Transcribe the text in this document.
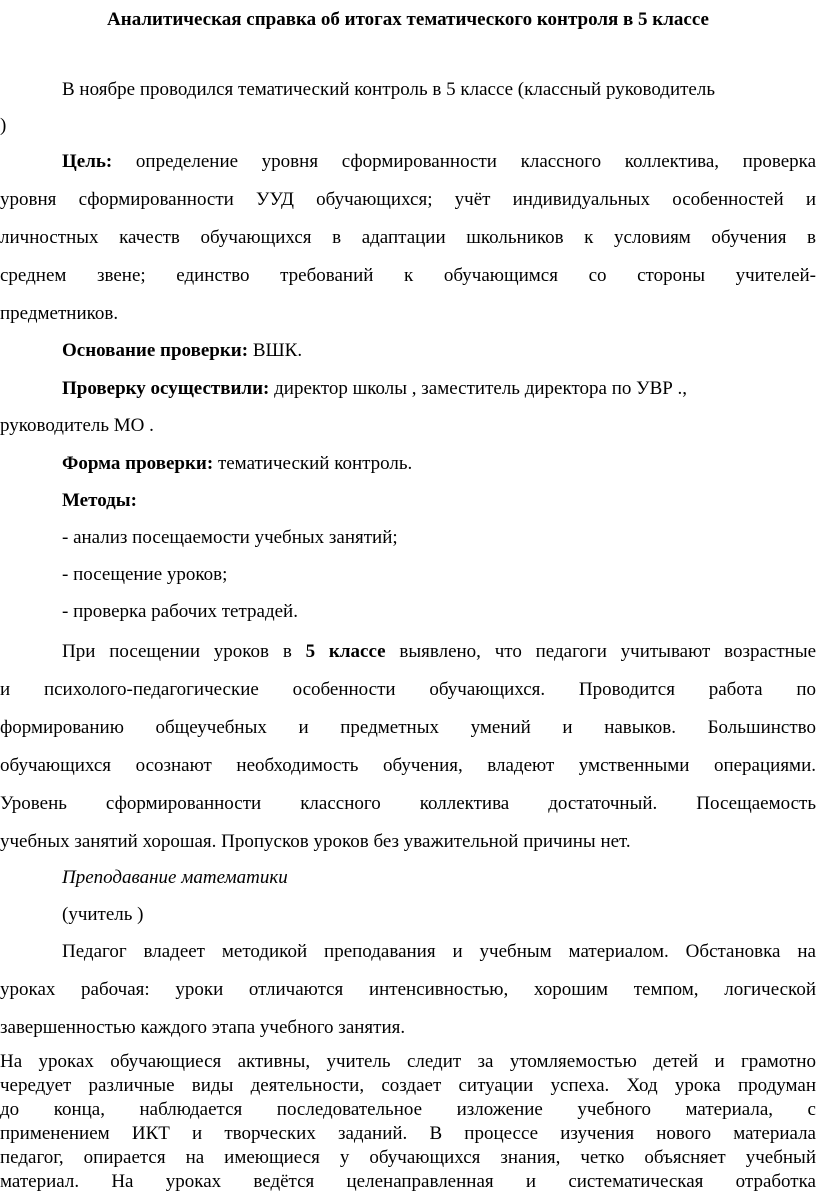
Аналитическая справка об итогах тематического контроля в 5 классе
В ноябре проводился тематический контроль в 5 классе (классный руководитель
)
Цель: определение уровня сформированности классного коллектива, проверка
уровня сформированности УУД обучающихся; учёт индивидуальных особенностей и
личностных качеств обучающихся в адаптации школьников к условиям обучения в
среднем звене; единство требований к обучающимся со стороны учителей-
предметников.
Основание проверки: ВШК.
Проверку осуществили: директор школы , заместитель директора по УВР .,
руководитель МО .
Форма проверки: тематический контроль.
Методы:
- анализ посещаемости учебных занятий;
- посещение уроков;
- проверка рабочих тетрадей.
При посещении уроков в 5 классе выявлено, что педагоги учитывают возрастные
и психолого-педагогические особенности обучающихся. Проводится работа по
формированию общеучебных и предметных умений и навыков. Большинство
обучающихся осознают необходимость обучения, владеют умственными операциями.
Уровень сформированности классного коллектива достаточный. Посещаемость
учебных занятий хорошая. Пропусков уроков без уважительной причины нет.
Преподавание математики
(учитель )
Педагог владеет методикой преподавания и учебным материалом. Обстановка на
уроках рабочая: уроки отличаются интенсивностью, хорошим темпом, логической
завершенностью каждого этапа учебного занятия.
На уроках обучающиеся активны, учитель следит за утомляемостью детей и грамотно
чередует различные виды деятельности, создает ситуации успеха. Ход урока продуман
до конца, наблюдается последовательное изложение учебного материала, с
применением ИКТ и творческих заданий. В процессе изучения нового материала
педагог, опирается на имеющиеся у обучающихся знания, четко объясняет учебный
материал. На уроках ведётся целенаправленная и систематическая отработка
